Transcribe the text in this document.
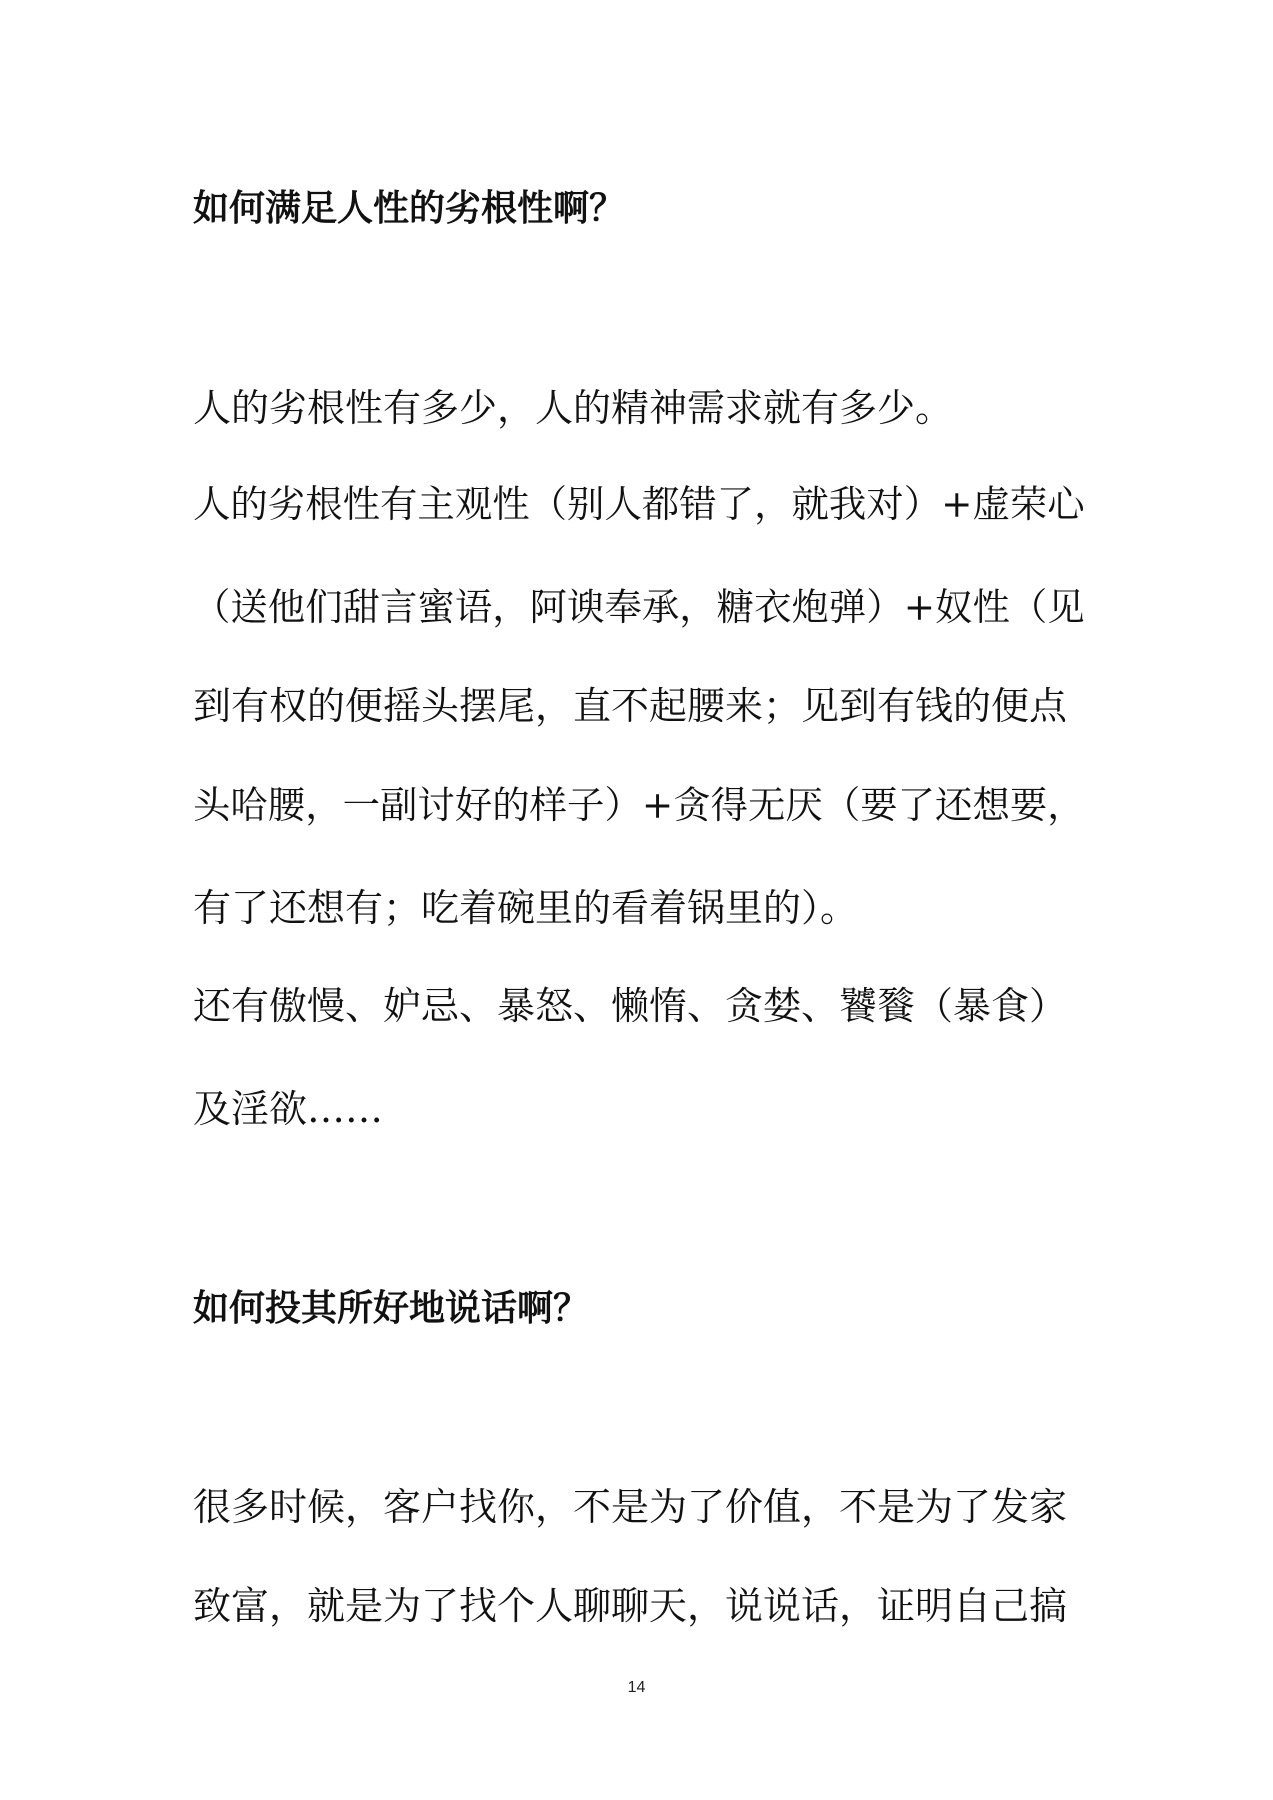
如何满足人性的劣根性啊？
人的劣根性有多少，人的精神需求就有多少。
人的劣根性有主观性（别人都错了，就我对）+虚荣心
（送他们甜言蜜语，阿谀奉承，糖衣炮弹）+奴性（见
到有权的便摇头摆尾，直不起腰来；见到有钱的便点
头哈腰，一副讨好的样子）+贪得无厌（要了还想要，
有了还想有；吃着碗里的看着锅里的）。
还有傲慢、妒忌、暴怒、懒惰、贪婪、饕餮（暴食）
及淫欲……
如何投其所好地说话啊？
很多时候，客户找你，不是为了价值，不是为了发家
致富，就是为了找个人聊聊天，说说话，证明自己搞
14
